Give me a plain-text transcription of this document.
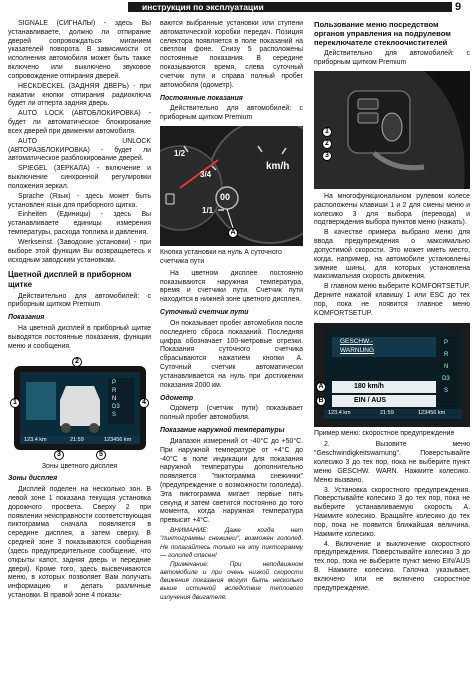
инструкция по эксплуатации	9

SIGNALE (СИГНАЛЫ) - здесь Вы устанавливаете, должно ли отпирание дверей сопровождаться миганием указателей поворота. В зависимости от исполнения автомобиля может быть также включено или выключено звуковое сопровождение отпирания дверей.

HECKDECKEL (ЗАДНЯЯ ДВЕРЬ) - при нажатии кнопки отпирания радиоключа будет ли отперта задняя дверь.

AUTO LOCK (АВТОБЛОКИРОВКА) - будет ли автоматическое блокирование всех дверей при движении автомобиля.

AUTO UNLOCK (АВТОРАЗБЛОКИРОВКА) - будет ли автоматическое разблокирование дверей.

SPIEGEL (ЗЕРКАЛА) - включение и выключение синхронной регулировки положения зеркал.

Sprache (Язык) - здесь может быть установлен язык для приборного щитка.

Einheiten (Единицы) - здесь Вы устанавливаете единицы измерения температуры, расхода топлива и давления.

Werkseinst. (Заводские установки) - при выборе этой функции Вы возвращаетесь к исходным заводским установкам.

Цветной дисплей в приборном щитке

Действительно для автомобилей: с приборным щитком Premium

Показания

На цветной дисплей в приборный щитке выводятся постоянные показания, функции меню и сообщения.

P
R
N
D3
S
123.4 km	21:59	123456 km
1
2
3
4
5
Зоны цветного дисплея
Зоны дисплея

Дисплей поделен на несколько зон. В левой зоне 1 показана текущая установка дорожного просвета. Сверху 2 при появлении неисправности соответствующая пиктограмма сначала появляется в середине дисплея, а затем сверху. В средней зоне 3 показываются сообщения (здесь предупредительное сообщение, что открыты капот, задняя дверь и передние двери). Кроме того, здесь высвечиваются меню, в которых позволяет Вам получать информацию и делать различные установки. В правой зоне 4 показы-

ваются выбранные установки или ступени автоматической коробки передач. Позиция селектора появляется в поле показаний на светлом фоне. Снизу 5 расположены постоянные показания. В середине показываются время, слева суточный счетчик пути и справа полный пробег автомобиля (одометр).

Постоянные показания

Действительно для автомобилей: с приборным щитком Premium

1/2
3/4
1/1
km/h
00
A
Кнопка установки на нуль А суточного счетчика пути

На цветном дисплее постоянно показываются наружная температура, время и счетчики пути. Счетчик пути находится в нижней зоне цветного дисплея.

Суточный счетчик пути

Он показывает пробег автомобиля после последнего сброса показаний. Последняя цифра обозначает 100-метровые отрезки. Показания суточного счетчика сбрасываются нажатием кнопки А. Суточный счетчик автоматически устанавливается на нуль при достижении показания 2000 км.

Одометр

Одометр (счетчик пути) показывает полный пробег автомобиля.

Показание наружной температуры

Диапазон измерений от -40°С до +50°С. При наружной температуре от +4°С до -40°С в поле индикации для показания наружной температуры дополнительно появляется "пиктограмма снежинки" (предупреждение о возможности гололеда). Эта пиктограмма мигает первые пять секунд и затем светится постоянно до того момента, когда наружная температура превысит +4°С.

ВНИМАНИЕ: Даже когда нет "пиктограммы снежинки", возможен гололед. Не полагайтесь только на эту пиктограмму — гололед опасен!

Примечание: При неподвижном автомобиле и при очень низкой скорости движения показания могут быть несколько выше истинной вследствие теплового излучения двигателя.

Пользование меню посредством органов управления на подрулевом переключателе стеклоочистителей

Действительно для автомобилей: с приборным щитком Premium

1
2
3

На многофункциональном рулевом колесе расположены клавиши 1 и 2 для смены меню и колесико 3 для выбора (перевода) и подтверждения выбора пунктов меню (нажать).

В качестве примера выбрано меню для ввода предупреждения о максимально допустимой скорости. Это может иметь место, когда, например, на автомобиле установлены зимние шины, для которых установлена максимальная скорость движения.

В главном меню выберите KOMFORTSETUP. Дерните нажатой клавишу 1 или ESC до тех пор, пока не появится главное меню KOMFORTSETUP.

GESCHW.-
WARNUNG
180 km/h
EIN / AUS
P
R
N
D3
S
123.4 km	21:59	123456 km
A
B
Пример меню: скоростное предупреждение

2. Вызовите меню "Geschwindigkeitswarnung". Поверстывайте колесико 3 до тех пор, пока не выберите пункт меню GESCHW. WARN. Нажмите колесико. Меню вызвано.

3. Установка скоростного предупреждения. Поверстывайте колесико 3 до тех пор, пока не выберите устанавливаемую скорость А. Нажмите колесико. Вращайте колесико до тех пор, пока не появится ближайшая величина. Нажмите колесико.

4. Включение и выключение скоростного предупреждения. Поверстывайте колесико 3 до тех пор, пока не выберите пункт меню EIN/AUS В. Нажмите колесико. Галочка указывает, включено или не включено скоростное предупреждение.
